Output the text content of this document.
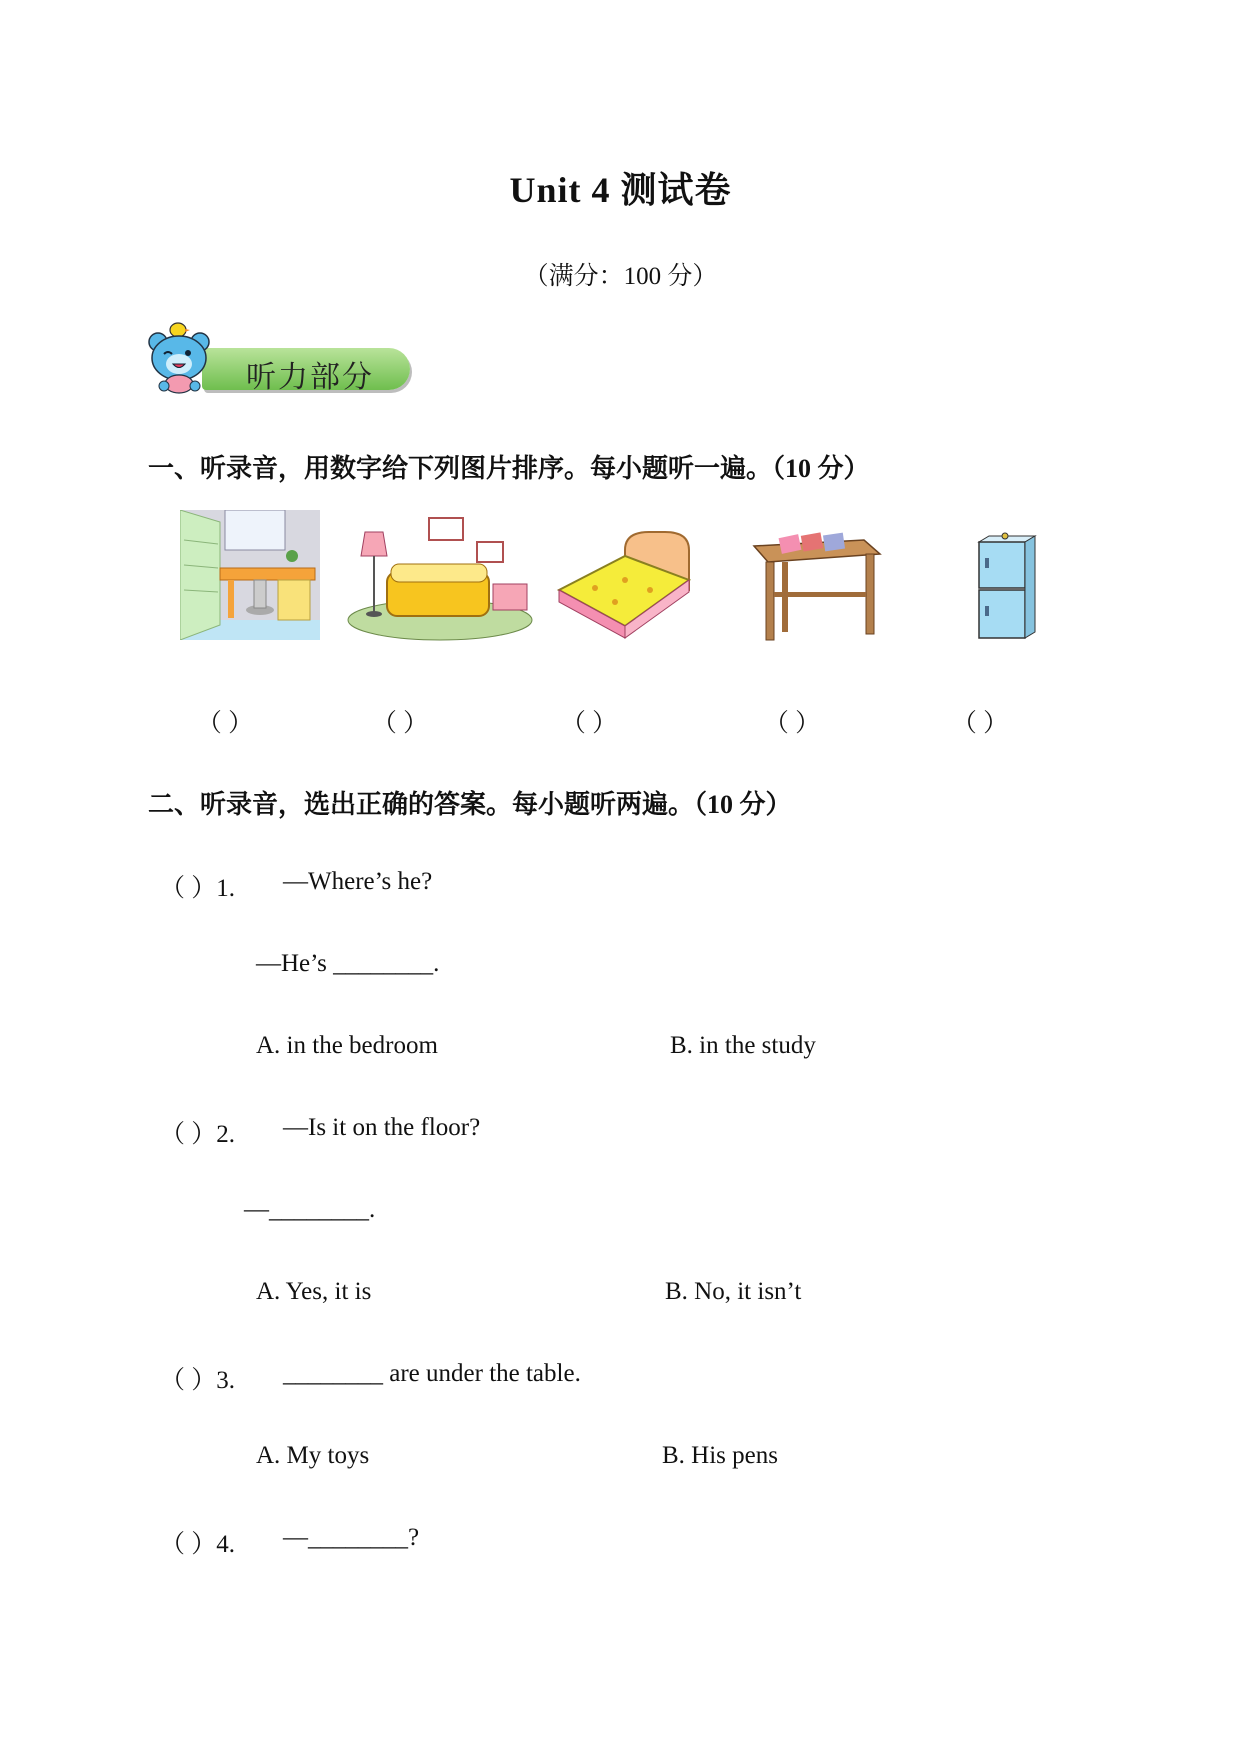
Unit 4 测试卷
（满分：100 分）
听力部分
一、听录音，用数字给下列图片排序。每小题听一遍。（10 分）
（ ）	（ ）	（ ）	（ ）	（ ）
二、听录音，选出正确的答案。每小题听两遍。（10 分）
（ ）1. —Where’s he?
—He’s ________.
A. in the bedroom	B. in the study
（ ）2. —Is it on the floor?
—________.
A. Yes, it is	B. No, it isn’t
（ ）3. ________ are under the table.
A. My toys	B. His pens
（ ）4. —________?
